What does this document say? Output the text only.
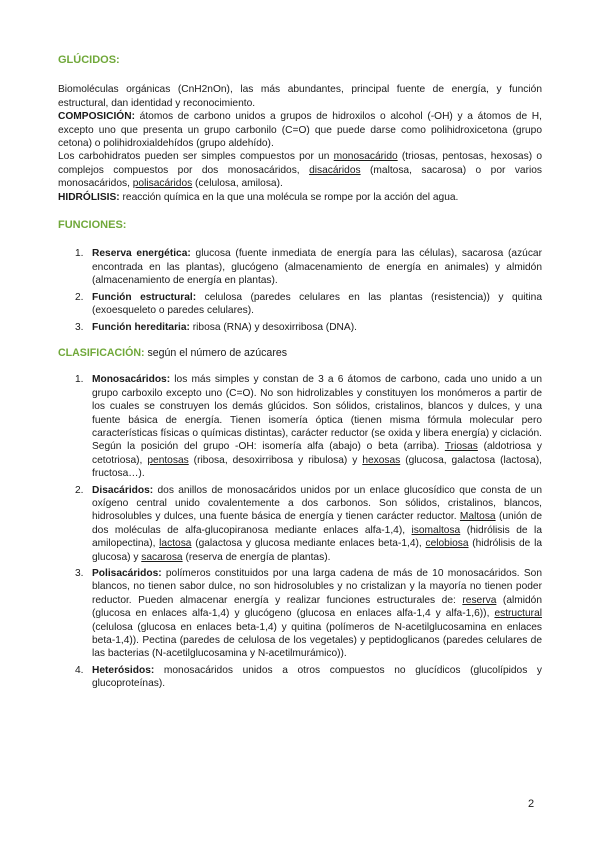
GLÚCIDOS:

Biomoléculas orgánicas (CnH2nOn), las más abundantes, principal fuente de energía, y función estructural, dan identidad y reconocimiento.

COMPOSICIÓN: átomos de carbono unidos a grupos de hidroxilos o alcohol (-OH) y a átomos de H, excepto uno que presenta un grupo carbonilo (C=O) que puede darse como polihidroxicetona (grupo cetona) o polihidroxialdehídos (grupo aldehído).

Los carbohidratos pueden ser simples compuestos por un monosacárido (triosas, pentosas, hexosas) o complejos compuestos por dos monosacáridos, disacáridos (maltosa, sacarosa) o por varios monosacáridos, polisacáridos (celulosa, amilosa).

HIDRÓLISIS: reacción química en la que una molécula se rompe por la acción del agua.

FUNCIONES:

1. Reserva energética: glucosa (fuente inmediata de energía para las células), sacarosa (azúcar encontrada en las plantas), glucógeno (almacenamiento de energía en animales) y almidón (almacenamiento de energía en plantas).
2. Función estructural: celulosa (paredes celulares en las plantas (resistencia)) y quitina (exoesqueleto o paredes celulares).
3. Función hereditaria: ribosa (RNA) y desoxirribosa (DNA).

CLASIFICACIÓN: según el número de azúcares

1. Monosacáridos: los más simples y constan de 3 a 6 átomos de carbono, cada uno unido a un grupo carboxilo excepto uno (C=O). No son hidrolizables y constituyen los monómeros a partir de los cuales se construyen los demás glúcidos. Son sólidos, cristalinos, blancos y dulces, y una fuente básica de energía. Tienen isomería óptica (tienen misma fórmula molecular pero características físicas o químicas distintas), carácter reductor (se oxida y libera energía) y ciclación. Según la posición del grupo -OH: isomería alfa (abajo) o beta (arriba). Triosas (aldotriosa y cetotriosa), pentosas (ribosa, desoxirribosa y ribulosa) y hexosas (glucosa, galactosa (lactosa), fructosa…).
2. Disacáridos: dos anillos de monosacáridos unidos por un enlace glucosídico que consta de un oxígeno central unido covalentemente a dos carbonos. Son sólidos, cristalinos, blancos, hidrosolubles y dulces, una fuente básica de energía y tienen carácter reductor. Maltosa (unión de dos moléculas de alfa-glucopiranosa mediante enlaces alfa-1,4), isomaltosa (hidrólisis de la amilopectina), lactosa (galactosa y glucosa mediante enlaces beta-1,4), celobiosa (hidrólisis de la glucosa) y sacarosa (reserva de energía de plantas).
3. Polisacáridos: polímeros constituidos por una larga cadena de más de 10 monosacáridos. Son blancos, no tienen sabor dulce, no son hidrosolubles y no cristalizan y la mayoría no tienen poder reductor. Pueden almacenar energía y realizar funciones estructurales de: reserva (almidón (glucosa en enlaces alfa-1,4) y glucógeno (glucosa en enlaces alfa-1,4 y alfa-1,6)), estructural (celulosa (glucosa en enlaces beta-1,4) y quitina (polímeros de N-acetilglucosamina en enlaces beta-1,4)). Pectina (paredes de celulosa de los vegetales) y peptidoglicanos (paredes celulares de las bacterias (N-acetilglucosamina y N-acetilmurámico)).
4. Heterósidos: monosacáridos unidos a otros compuestos no glucídicos (glucolípidos y glucoproteínas).
2
